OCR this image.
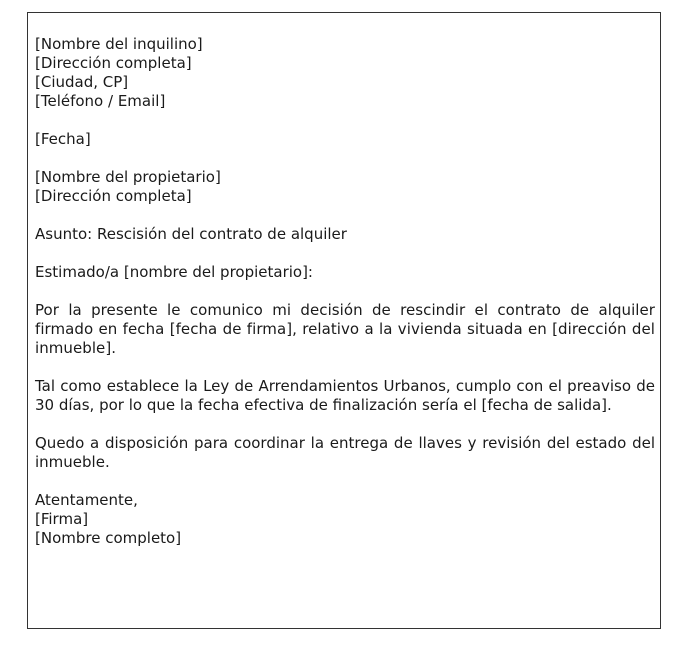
[Nombre del inquilino]
[Dirección completa]
[Ciudad, CP]
[Teléfono / Email]
[Fecha]
[Nombre del propietario]
[Dirección completa]
Asunto: Rescisión del contrato de alquiler
Estimado/a [nombre del propietario]:

Por la presente le comunico mi decisión de rescindir el contrato de alquiler firmado en fecha [fecha de firma], relativo a la vivienda situada en [dirección del inmueble].

Tal como establece la Ley de Arrendamientos Urbanos, cumplo con el preaviso de 30 días, por lo que la fecha efectiva de finalización sería el [fecha de salida].

Quedo a disposición para coordinar la entrega de llaves y revisión del estado del inmueble.

Atentamente,
[Firma]
[Nombre completo]
